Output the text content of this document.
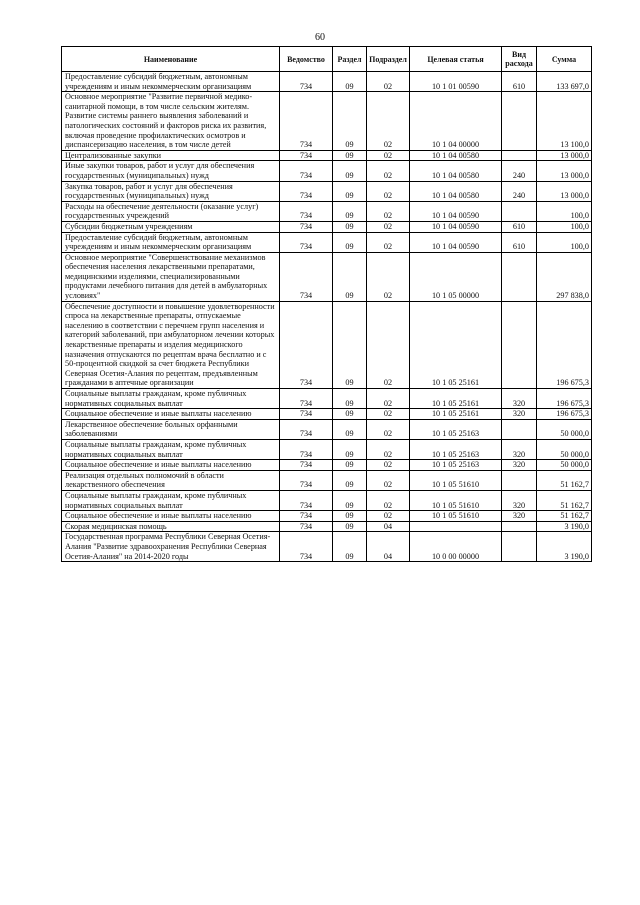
60
Наименование	Ведомство	Раздел	Подраздел	Целевая статья	Вид расхода	Сумма
Предоставление субсидий бюджетным, автономным учреждениям и иным некоммерческим организациям	734	09	02	10 1 01 00590	610	133 697,0
Основное мероприятие "Развитие первичной медико-санитарной помощи, в том числе сельским жителям. Развитие системы раннего выявления заболеваний и патологических состояний и факторов риска их развития, включая проведение профилактических осмотров и диспансеризацию населения, в том числе детей	734	09	02	10 1 04 00000		13 100,0
Централизованные закупки	734	09	02	10 1 04 00580		13 000,0
Иные закупки товаров, работ и услуг для обеспечения государственных (муниципальных) нужд	734	09	02	10 1 04 00580	240	13 000,0
Закупка товаров, работ и услуг для обеспечения государственных (муниципальных) нужд	734	09	02	10 1 04 00580	240	13 000,0
Расходы на обеспечение деятельности (оказание услуг) государственных учреждений	734	09	02	10 1 04 00590		100,0
Субсидии бюджетным учреждениям	734	09	02	10 1 04 00590	610	100,0
Предоставление субсидий бюджетным, автономным учреждениям и иным некоммерческим организациям	734	09	02	10 1 04 00590	610	100,0
Основное мероприятие "Совершенствование механизмов обеспечения населения лекарственными препаратами, медицинскими изделиями, специализированными продуктами лечебного питания для детей в амбулаторных условиях"	734	09	02	10 1 05 00000		297 838,0
Обеспечение доступности и повышение удовлетворенности спроса на лекарственные препараты, отпускаемые населению в соответствии с перечнем групп населения и категорий заболеваний, при амбулаторном лечении которых лекарственные препараты и изделия медицинского назначения отпускаются по рецептам врача бесплатно и с 50-процентной скидкой за счет бюджета Республики Северная Осетия-Алания по рецептам, предъявленным гражданами в аптечные организации	734	09	02	10 1 05 25161		196 675,3
Социальные выплаты гражданам, кроме публичных нормативных социальных выплат	734	09	02	10 1 05 25161	320	196 675,3
Социальное обеспечение и иные выплаты населению	734	09	02	10 1 05 25161	320	196 675,3
Лекарственное обеспечение больных орфанными заболеваниями	734	09	02	10 1 05 25163		50 000,0
Социальные выплаты гражданам, кроме публичных нормативных социальных выплат	734	09	02	10 1 05 25163	320	50 000,0
Социальное обеспечение и иные выплаты населению	734	09	02	10 1 05 25163	320	50 000,0
Реализация отдельных полномочий в области лекарственного обеспечения	734	09	02	10 1 05 51610		51 162,7
Социальные выплаты гражданам, кроме публичных нормативных социальных выплат	734	09	02	10 1 05 51610	320	51 162,7
Социальное обеспечение и иные выплаты населению	734	09	02	10 1 05 51610	320	51 162,7
Скорая медицинская помощь	734	09	04			3 190,0
Государственная программа Республики Северная Осетия-Алания "Развитие здравоохранения Республики Северная Осетия-Алания" на 2014-2020 годы	734	09	04	10 0 00 00000		3 190,0
